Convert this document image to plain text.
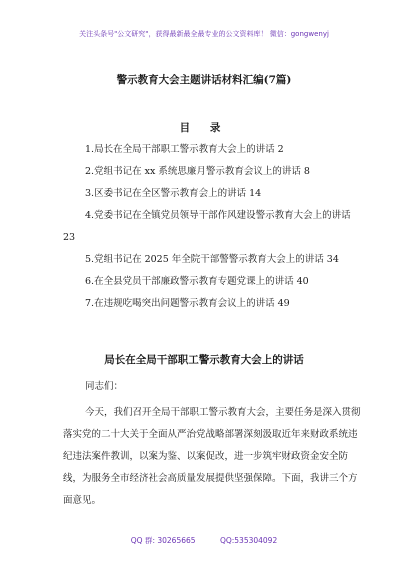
关注头条号"公文研究"，获得最新最全最专业的公文资料库！ 微信：gongwenyj
警示教育大会主题讲话材料汇编(7篇)
目 录
1.局长在全局干部职工警示教育大会上的讲话 2
2.党组书记在 xx 系统思廉月警示教育会议上的讲话 8
3.区委书记在全区警示教育会上的讲话 14
4.党委书记在全镇党员领导干部作风建设警示教育大会上的讲话 23
5.党组书记在 2025 年全院干部警警示教育大会上的讲话 34
6.在全县党员干部廉政警示教育专题党课上的讲话 40
7.在违规吃喝突出问题警示教育会议上的讲话 49
局长在全局干部职工警示教育大会上的讲话
同志们：

今天，我们召开全局干部职工警示教育大会，主要任务是深入贯彻落实党的二十大关于全面从严治党战略部署深刻汲取近年来财政系统违纪违法案件教训，以案为鉴、以案促改，进一步筑牢财政资金安全防线，为服务全市经济社会高质量发展提供坚强保障。下面，我讲三个方面意见。

QQ 群: 30265665	QQ:535304092
